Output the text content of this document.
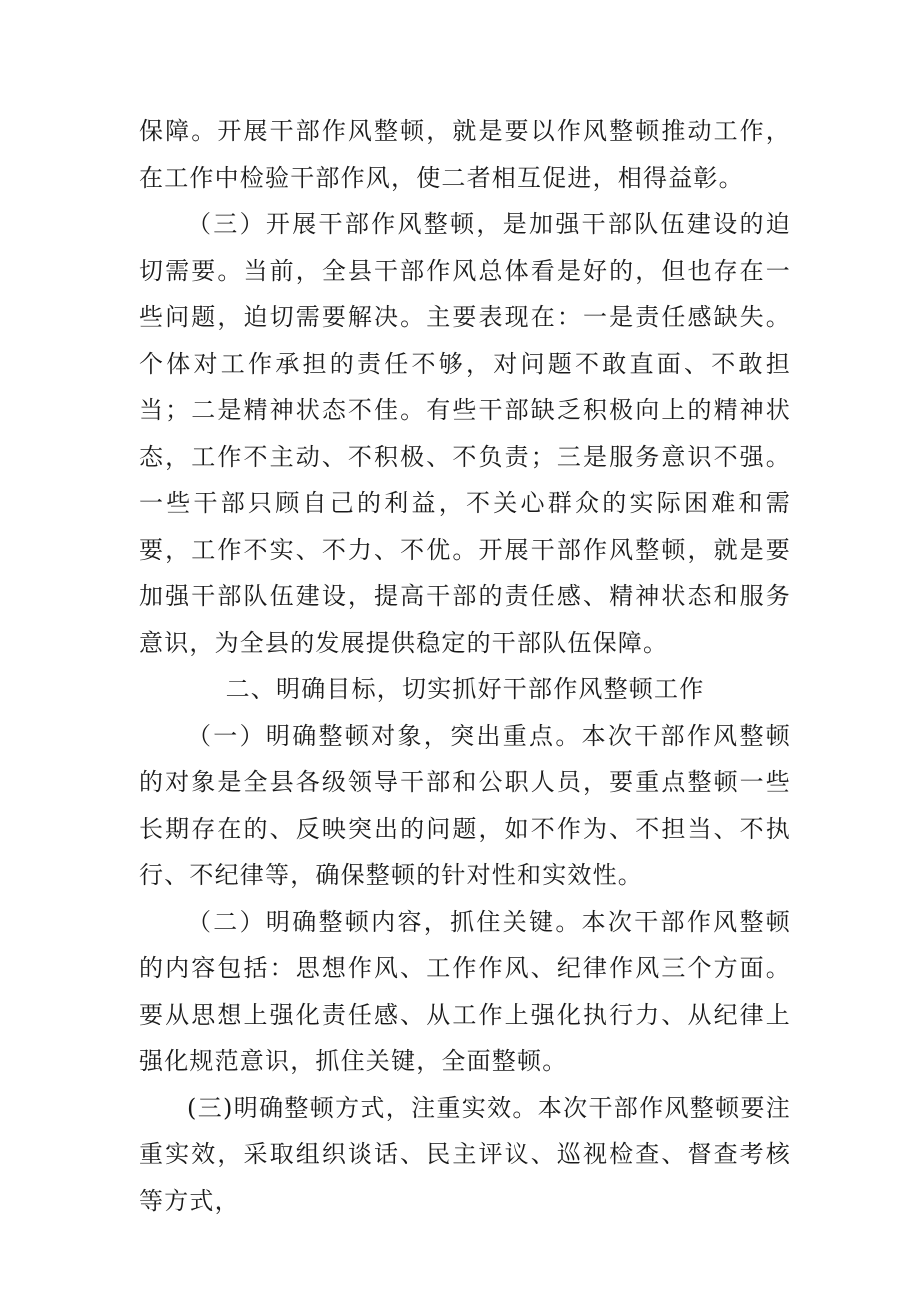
保障。开展干部作风整顿，就是要以作风整顿推动工作，在工作中检验干部作风，使二者相互促进，相得益彰。

（三）开展干部作风整顿，是加强干部队伍建设的迫切需要。当前，全县干部作风总体看是好的，但也存在一些问题，迫切需要解决。主要表现在：一是责任感缺失。个体对工作承担的责任不够，对问题不敢直面、不敢担当；二是精神状态不佳。有些干部缺乏积极向上的精神状态，工作不主动、不积极、不负责；三是服务意识不强。一些干部只顾自己的利益，不关心群众的实际困难和需要，工作不实、不力、不优。开展干部作风整顿，就是要加强干部队伍建设，提高干部的责任感、精神状态和服务意识，为全县的发展提供稳定的干部队伍保障。

二、明确目标，切实抓好干部作风整顿工作

（一）明确整顿对象，突出重点。本次干部作风整顿的对象是全县各级领导干部和公职人员，要重点整顿一些长期存在的、反映突出的问题，如不作为、不担当、不执行、不纪律等，确保整顿的针对性和实效性。

（二）明确整顿内容，抓住关键。本次干部作风整顿的内容包括：思想作风、工作作风、纪律作风三个方面。要从思想上强化责任感、从工作上强化执行力、从纪律上强化规范意识，抓住关键，全面整顿。

(三)明确整顿方式，注重实效。本次干部作风整顿要注重实效，采取组织谈话、民主评议、巡视检查、督查考核等方式，
